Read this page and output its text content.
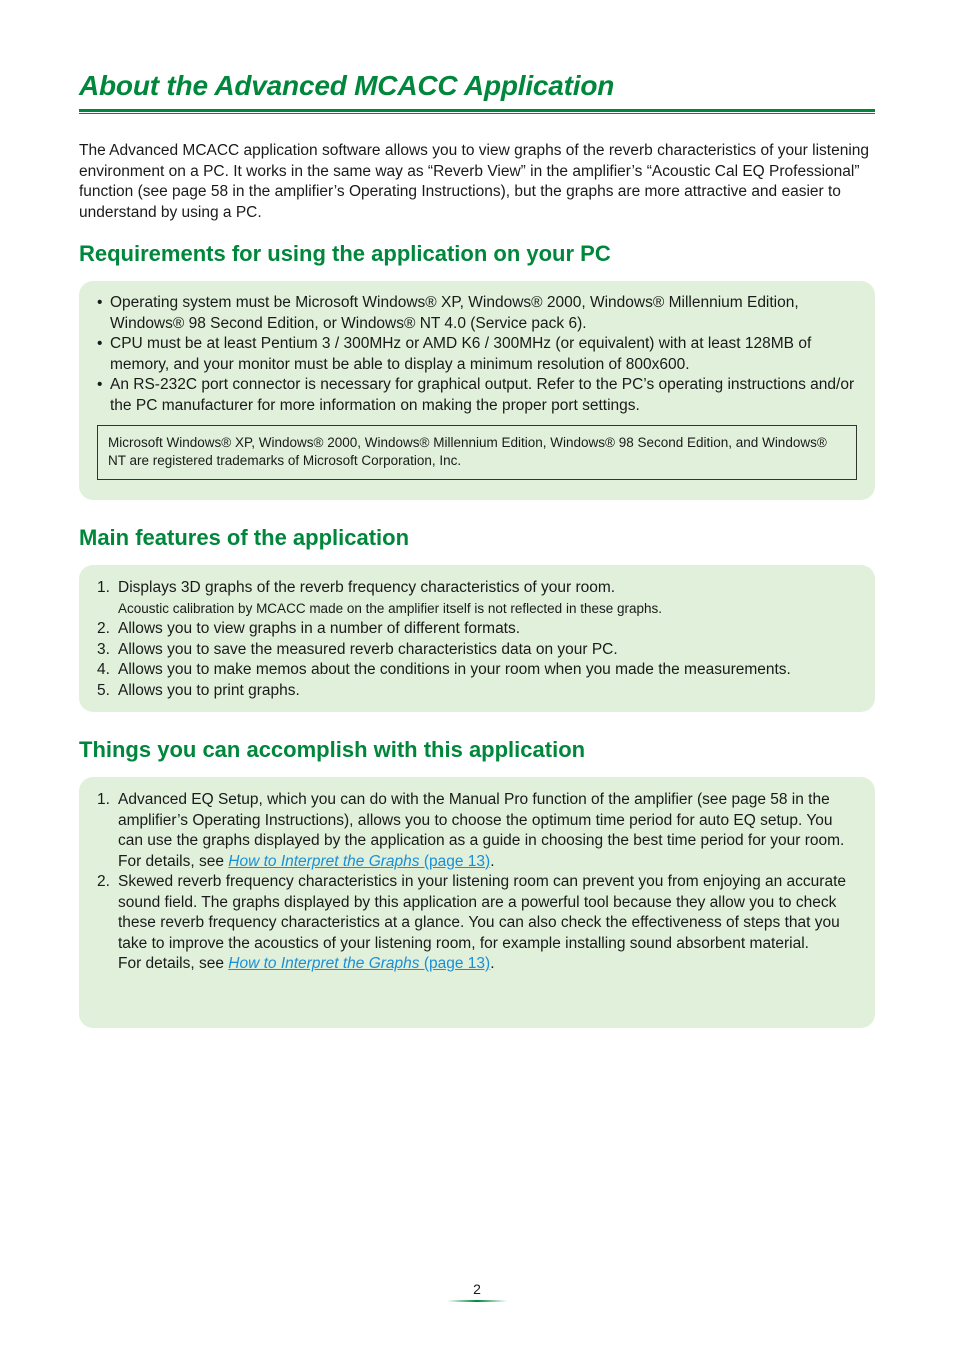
About the Advanced MCACC Application

The Advanced MCACC application software allows you to view graphs of the reverb characteristics of your listening environment on a PC. It works in the same way as “Reverb View” in the amplifier’s “Acoustic Cal EQ Professional” function (see page 58 in the amplifier’s Operating Instructions), but the graphs are more attractive and easier to understand by using a PC.

Requirements for using the application on your PC
• Operating system must be Microsoft Windows® XP, Windows® 2000, Windows® Millennium Edition, Windows® 98 Second Edition, or Windows® NT 4.0 (Service pack 6).
• CPU must be at least Pentium 3 / 300MHz or AMD K6 / 300MHz (or equivalent) with at least 128MB of memory, and your monitor must be able to display a minimum resolution of 800x600.
• An RS-232C port connector is necessary for graphical output. Refer to the PC’s operating instructions and/or the PC manufacturer for more information on making the proper port settings.
Microsoft Windows® XP, Windows® 2000, Windows® Millennium Edition, Windows® 98 Second Edition, and Windows® NT are registered trademarks of Microsoft Corporation, Inc.
Main features of the application
1. Displays 3D graphs of the reverb frequency characteristics of your room.
Acoustic calibration by MCACC made on the amplifier itself is not reflected in these graphs.
2. Allows you to view graphs in a number of different formats.
3. Allows you to save the measured reverb characteristics data on your PC.
4. Allows you to make memos about the conditions in your room when you made the measurements.
5. Allows you to print graphs.
Things you can accomplish with this application
1. Advanced EQ Setup, which you can do with the Manual Pro function of the amplifier (see page 58 in the amplifier’s Operating Instructions), allows you to choose the optimum time period for auto EQ setup. You can use the graphs displayed by the application as a guide in choosing the best time period for your room.
For details, see How to Interpret the Graphs (page 13).
2. Skewed reverb frequency characteristics in your listening room can prevent you from enjoying an accurate sound field. The graphs displayed by this application are a powerful tool because they allow you to check these reverb frequency characteristics at a glance. You can also check the effectiveness of steps that you take to improve the acoustics of your listening room, for example installing sound absorbent material.
For details, see How to Interpret the Graphs (page 13).
2
